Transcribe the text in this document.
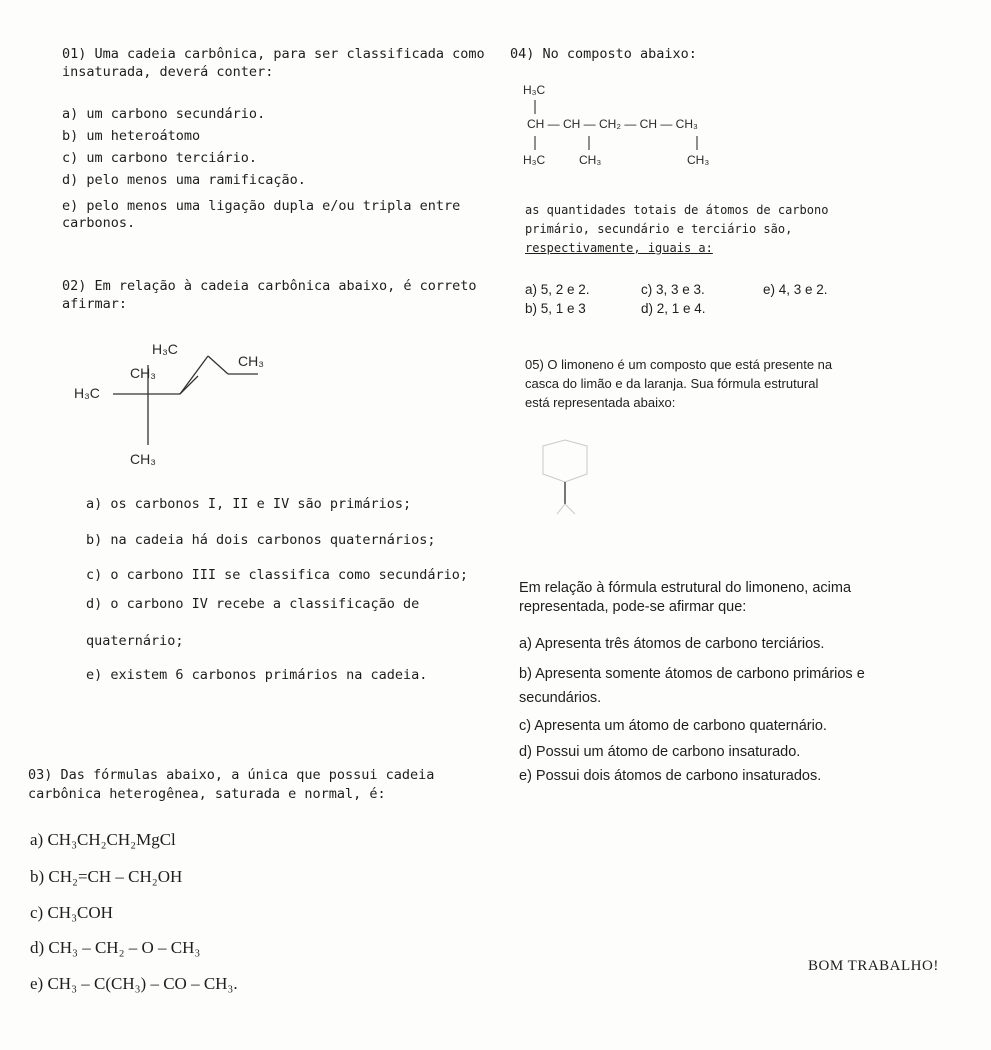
01) Uma cadeia carbônica, para ser classificada como
insaturada, deverá conter:
a) um carbono secundário.
b) um heteroátomo
c) um carbono terciário.
d) pelo menos uma ramificação.
e) pelo menos uma ligação dupla e/ou tripla entre
carbonos.
02) Em relação à cadeia carbônica abaixo, é correto
afirmar:
H₃C
CH₃
CH₃
H₃C
CH₃
a) os carbonos I, II e IV são primários;
b) na cadeia há dois carbonos quaternários;
c) o carbono III se classifica como secundário;
d) o carbono IV recebe a classificação de
quaternário;
e) existem 6 carbonos primários na cadeia.
03) Das fórmulas abaixo, a única que possui cadeia
carbônica heterogênea, saturada e normal, é:
a) CH₃CH₂CH₂MgCl
b) CH₂=CH – CH₂OH
c) CH₃COH
d) CH₃ – CH₂ – O – CH₃
e) CH₃ – C(CH₃) – CO – CH₃.
04) No composto abaixo:
H₃C
CH — CH — CH₂ — CH — CH₃
H₃C	CH₃	CH₃
as quantidades totais de átomos de carbono
primário, secundário e terciário são,
respectivamente, iguais a:
a) 5, 2 e 2.
b) 5, 1 e 3
c) 3, 3 e 3.
d) 2, 1 e 4.
e) 4, 3 e 2.
05) O limoneno é um composto que está presente na
casca do limão e da laranja. Sua fórmula estrutural
está representada abaixo:
Em relação à fórmula estrutural do limoneno, acima
representada, pode-se afirmar que:
a) Apresenta três átomos de carbono terciários.
b) Apresenta somente átomos de carbono primários e
secundários.
c) Apresenta um átomo de carbono quaternário.
d) Possui um átomo de carbono insaturado.
e) Possui dois átomos de carbono insaturados.
BOM TRABALHO!
